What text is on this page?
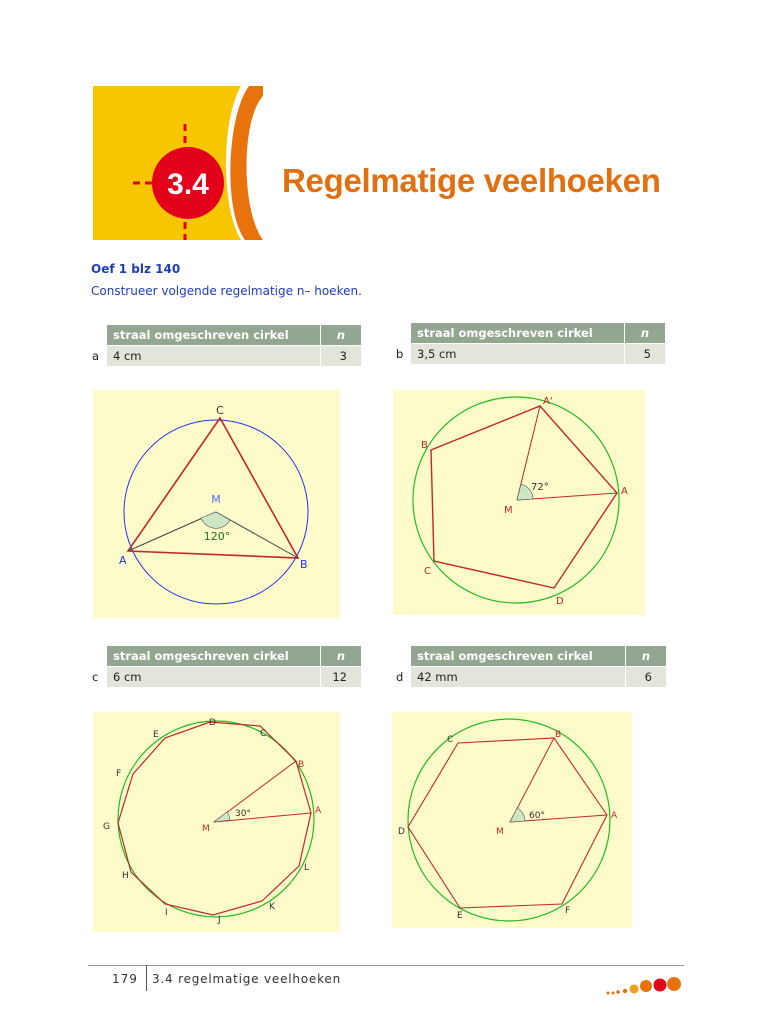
3.4 Regelmatige veelhoeken
Oef 1 blz 140
Construeer volgende regelmatige n– hoeken.
	straal omgeschreven cirkel	n
a	4 cm	3
	straal omgeschreven cirkel	n
b	3,5 cm	5
C
A	B
M
120°
A'
A
D
C
B
M
72°
	straal omgeschreven cirkel	n
c	6 cm	12
	straal omgeschreven cirkel	n
d	42 mm	6
A
B
C
D
E
F
G
H
I
J
K
L
M
30°	A
B
C
D
E	F
M
60°
179 3.4 regelmatige veelhoeken
